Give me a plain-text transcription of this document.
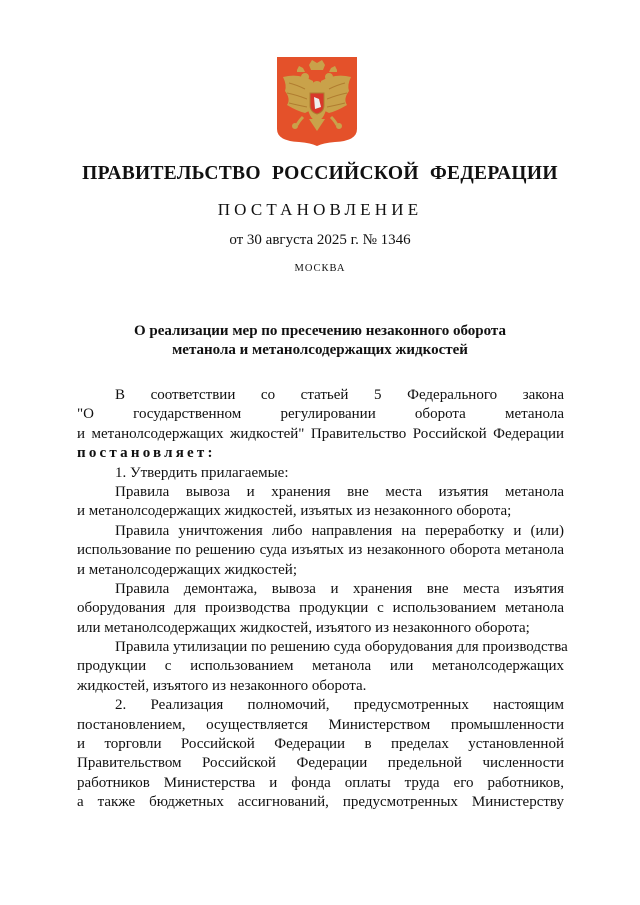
ПРАВИТЕЛЬСТВО РОССИЙСКОЙ ФЕДЕРАЦИИ
ПОСТАНОВЛЕНИЕ
от 30 августа 2025 г. № 1346
МОСКВА
О реализации мер по пресечению незаконного оборота
метанола и метанолсодержащих жидкостей
В соответствии со статьей 5 Федерального закона
"О государственном регулировании оборота метанола
и метанолсодержащих жидкостей" Правительство Российской Федерации
постановляет:
1. Утвердить прилагаемые:
Правила вывоза и хранения вне места изъятия метанола
и метанолсодержащих жидкостей, изъятых из незаконного оборота;
Правила уничтожения либо направления на переработку и (или)
использование по решению суда изъятых из незаконного оборота метанола
и метанолсодержащих жидкостей;
Правила демонтажа, вывоза и хранения вне места изъятия
оборудования для производства продукции с использованием метанола
или метанолсодержащих жидкостей, изъятого из незаконного оборота;
Правила утилизации по решению суда оборудования для производства
продукции с использованием метанола или метанолсодержащих
жидкостей, изъятого из незаконного оборота.
2. Реализация полномочий, предусмотренных настоящим
постановлением, осуществляется Министерством промышленности
и торговли Российской Федерации в пределах установленной
Правительством Российской Федерации предельной численности
работников Министерства и фонда оплаты труда его работников,
а также бюджетных ассигнований, предусмотренных Министерству
